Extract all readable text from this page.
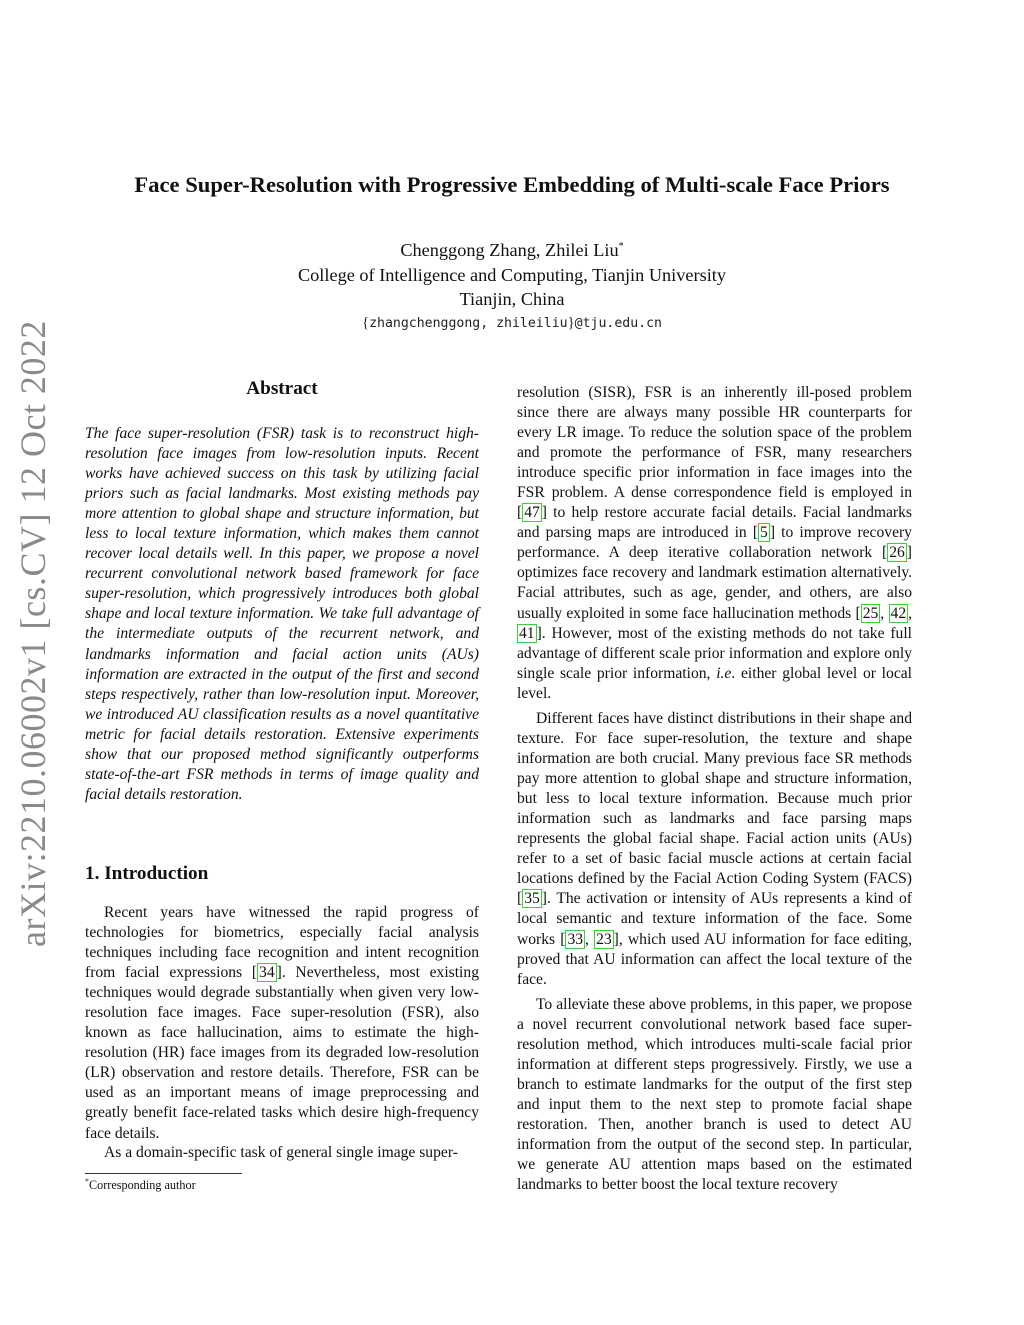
arXiv:2210.06002v1 [cs.CV] 12 Oct 2022
Face Super-Resolution with Progressive Embedding of Multi-scale Face Priors
Chenggong Zhang, Zhilei Liu*
College of Intelligence and Computing, Tianjin University
Tianjin, China
{zhangchenggong, zhileiliu}@tju.edu.cn
Abstract
The face super-resolution (FSR) task is to reconstruct high-resolution face images from low-resolution inputs. Recent works have achieved success on this task by utilizing facial priors such as facial landmarks. Most existing methods pay more attention to global shape and structure information, but less to local texture information, which makes them cannot recover local details well. In this paper, we propose a novel recurrent convolutional network based framework for face super-resolution, which progressively introduces both global shape and local texture information. We take full advantage of the intermediate outputs of the recurrent network, and landmarks information and facial action units (AUs) information are extracted in the output of the first and second steps respectively, rather than low-resolution input. Moreover, we introduced AU classification results as a novel quantitative metric for facial details restoration. Extensive experiments show that our proposed method significantly outperforms state-of-the-art FSR methods in terms of image quality and facial details restoration.
1. Introduction
Recent years have witnessed the rapid progress of technologies for biometrics, especially facial analysis techniques including face recognition and intent recognition from facial expressions [ 34 ]. Nevertheless, most existing techniques would degrade substantially when given very low-resolution face images. Face super-resolution (FSR), also known as face hallucination, aims to estimate the high-resolution (HR) face images from its degraded low-resolution (LR) observation and restore details. Therefore, FSR can be used as an important means of image preprocessing and greatly benefit face-related tasks which desire high-frequency face details.
As a domain-specific task of general single image super-
*Corresponding author
resolution (SISR), FSR is an inherently ill-posed problem since there are always many possible HR counterparts for every LR image. To reduce the solution space of the problem and promote the performance of FSR, many researchers introduce specific prior information in face images into the FSR problem. A dense correspondence field is employed in [ 47 ] to help restore accurate facial details. Facial landmarks and parsing maps are introduced in [ 5 ] to improve recovery performance. A deep iterative collaboration network [ 26 ] optimizes face recovery and landmark estimation alternatively. Facial attributes, such as age, gender, and others, are also usually exploited in some face hallucination methods [ 25 , 42 , 41 ]. However, most of the existing methods do not take full advantage of different scale prior information and explore only single scale prior information, i.e. either global level or local level.
Different faces have distinct distributions in their shape and texture. For face super-resolution, the texture and shape information are both crucial. Many previous face SR methods pay more attention to global shape and structure information, but less to local texture information. Because much prior information such as landmarks and face parsing maps represents the global facial shape. Facial action units (AUs) refer to a set of basic facial muscle actions at certain facial locations defined by the Facial Action Coding System (FACS) [ 35 ]. The activation or intensity of AUs represents a kind of local semantic and texture information of the face. Some works [ 33 , 23 ], which used AU information for face editing, proved that AU information can affect the local texture of the face.
To alleviate these above problems, in this paper, we propose a novel recurrent convolutional network based face super-resolution method, which introduces multi-scale facial prior information at different steps progressively. Firstly, we use a branch to estimate landmarks for the output of the first step and input them to the next step to promote facial shape restoration. Then, another branch is used to detect AU information from the output of the second step. In particular, we generate AU attention maps based on the estimated landmarks to better boost the local texture recovery
